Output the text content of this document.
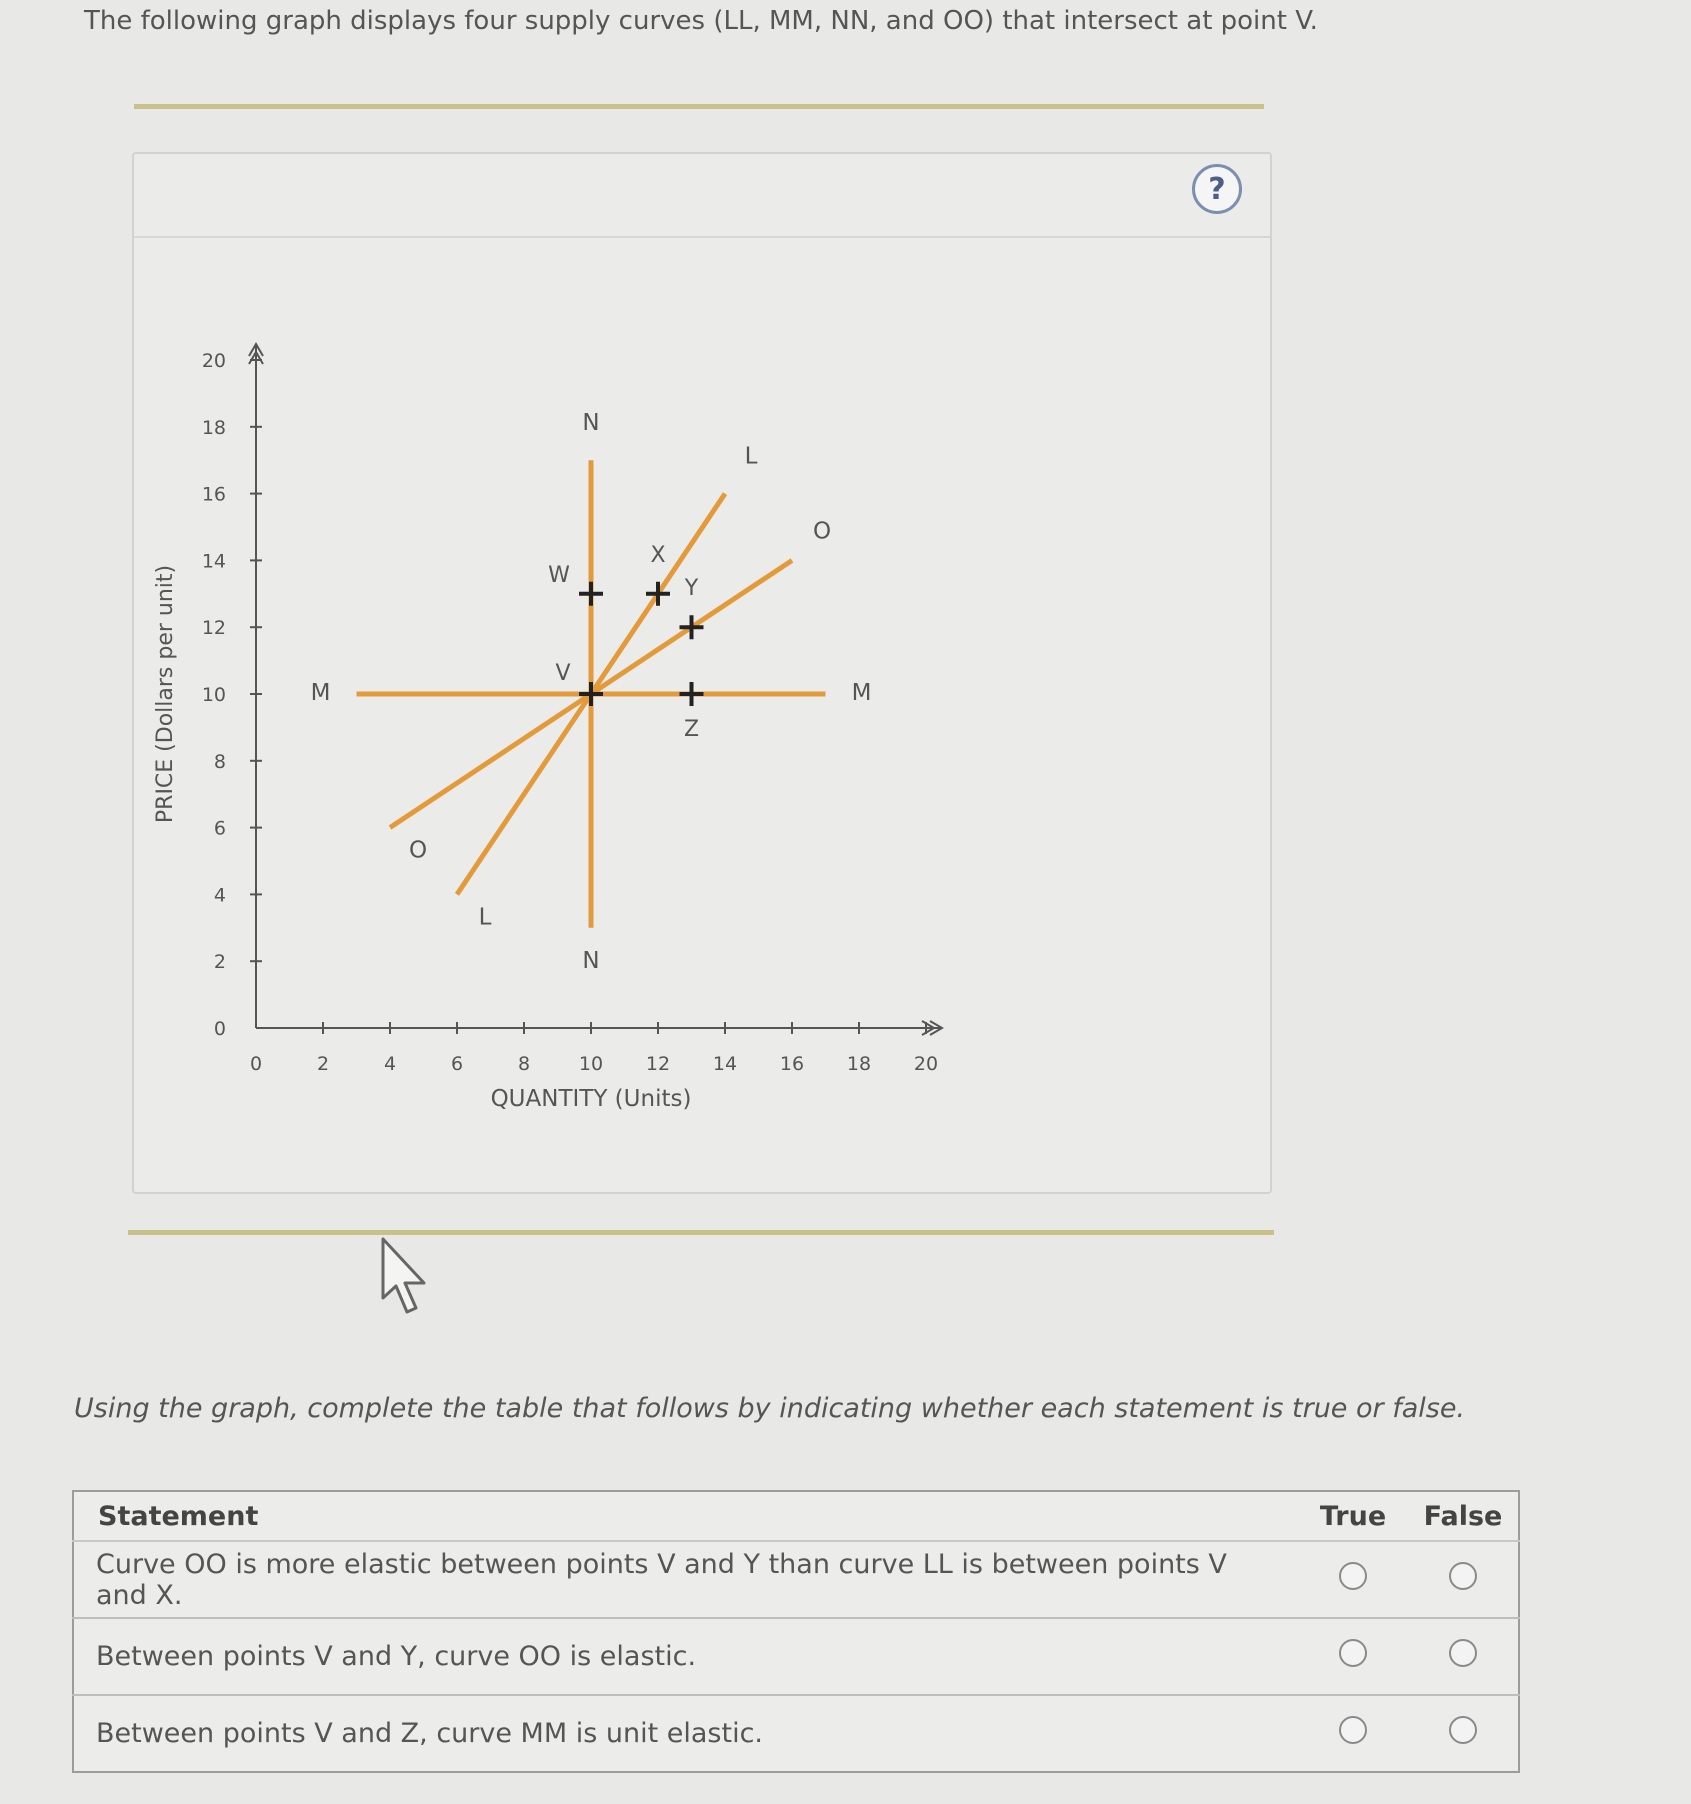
The following graph displays four supply curves (LL, MM, NN, and OO) that intersect at point V.
?
0	2	4	6	8	10 12 14 16 18 20
0
2
4
6
8
10
12
14
16
18
20
QUANTITY (Units)
PRICE (Dollars per unit)
L
L
M	M
N
N
O
O
V
W
X
Y
Z
Using the graph, complete the table that follows by indicating whether each statement is true or false.
Statement	True	False
Curve OO is more elastic between points V and Y than curve LL is between points V and X.		
Between points V and Y, curve OO is elastic.		
Between points V and Z, curve MM is unit elastic.		
